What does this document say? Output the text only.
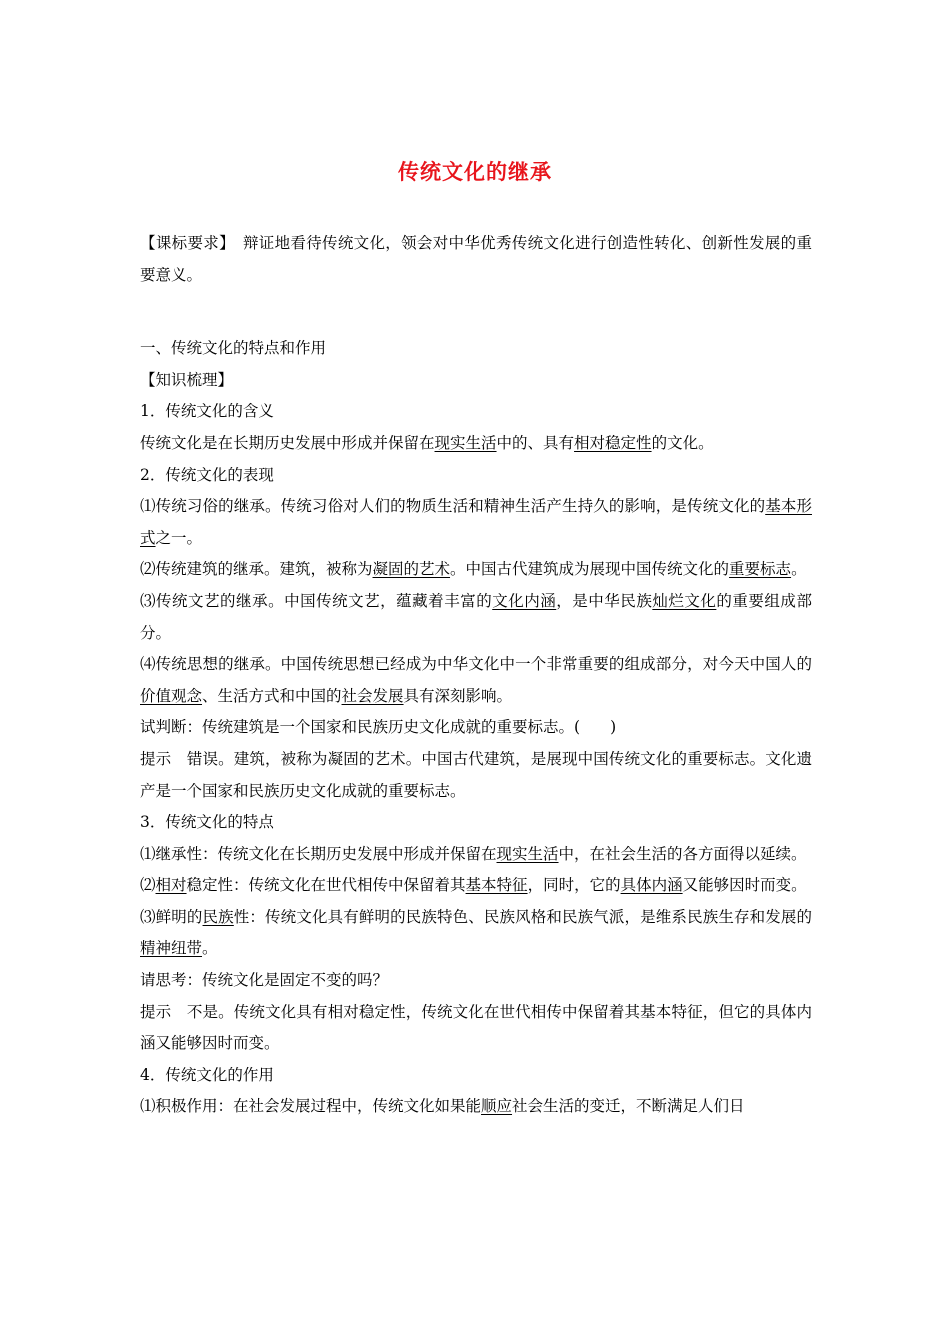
传统文化的继承

【课标要求】　 辩证地看待传统文化，领会对中华优秀传统文化进行创造性转化、创新性发展的重要意义。

一、传统文化的特点和作用

【知识梳理】

1．传统文化的含义

传统文化是在长期历史发展中形成并保留在现实生活中的、具有相对稳定性的文化。

2．传统文化的表现

⑴传统习俗的继承。传统习俗对人们的物质生活和精神生活产生持久的影响，是传统文化的基本形式之一。

⑵传统建筑的继承。建筑，被称为凝固的艺术。中国古代建筑成为展现中国传统文化的重要标志。

⑶传统文艺的继承。中国传统文艺，蕴藏着丰富的文化内涵，是中华民族灿烂文化的重要组成部分。

⑷传统思想的继承。中国传统思想已经成为中华文化中一个非常重要的组成部分，对今天中国人的价值观念、生活方式和中国的社会发展具有深刻影响。

试判断：传统建筑是一个国家和民族历史文化成就的重要标志。( )

提示　错误。建筑，被称为凝固的艺术。中国古代建筑，是展现中国传统文化的重要标志。文化遗产是一个国家和民族历史文化成就的重要标志。

3．传统文化的特点

⑴继承性：传统文化在长期历史发展中形成并保留在现实生活中，在社会生活的各方面得以延续。

⑵相对稳定性：传统文化在世代相传中保留着其基本特征，同时，它的具体内涵又能够因时而变。

⑶鲜明的民族性：传统文化具有鲜明的民族特色、民族风格和民族气派，是维系民族生存和发展的精神纽带。

请思考：传统文化是固定不变的吗？

提示　不是。传统文化具有相对稳定性，传统文化在世代相传中保留着其基本特征，但它的具体内涵又能够因时而变。

4．传统文化的作用

⑴积极作用：在社会发展过程中，传统文化如果能顺应社会生活的变迁，不断满足人们日
